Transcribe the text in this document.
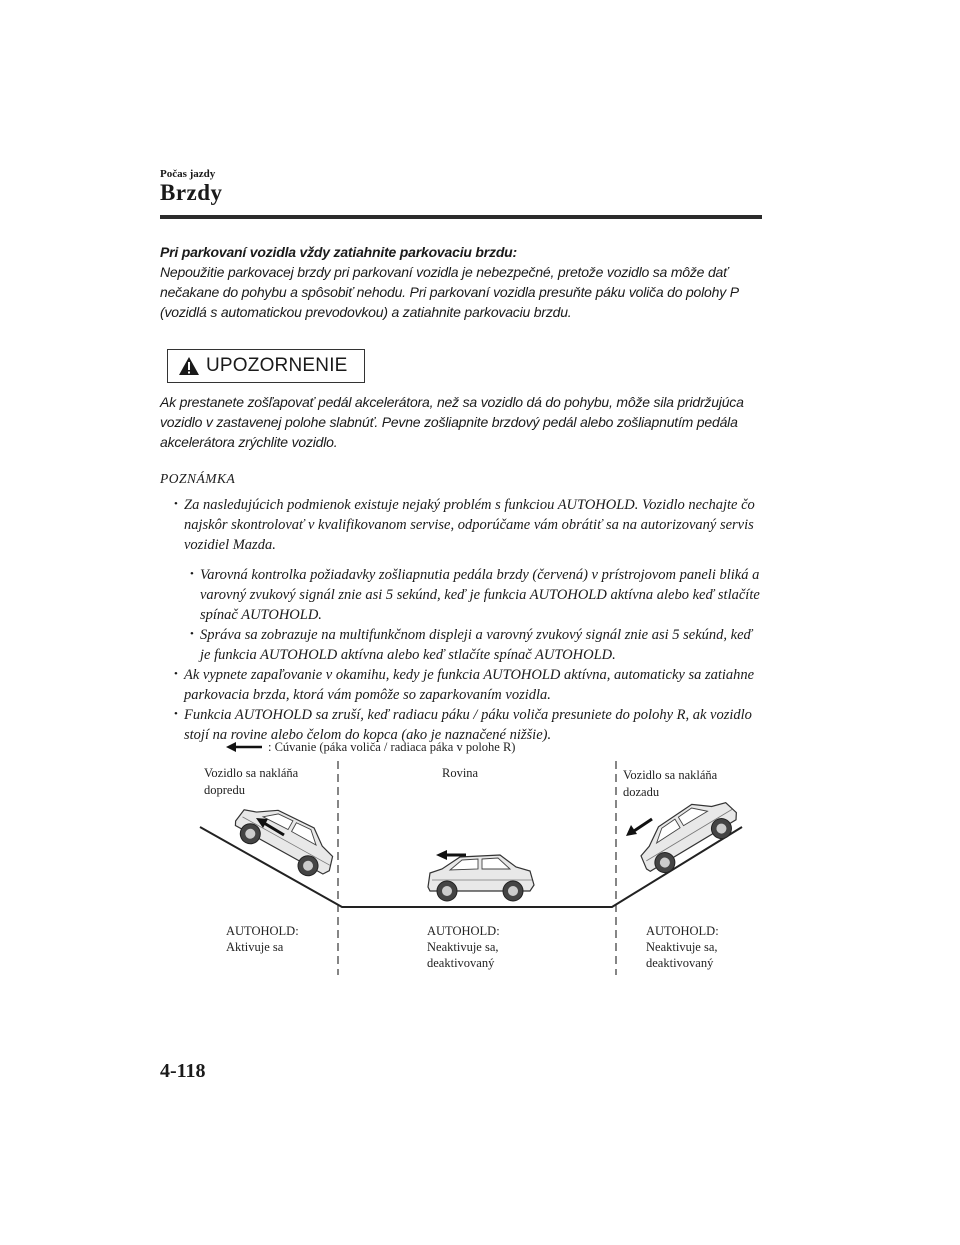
Počas jazdy
Brzdy
Pri parkovaní vozidla vždy zatiahnite parkovaciu brzdu:
Nepoužitie parkovacej brzdy pri parkovaní vozidla je nebezpečné, pretože vozidlo sa môže dať nečakane do pohybu a spôsobiť nehodu. Pri parkovaní vozidla presuňte páku voliča do polohy P (vozidlá s automatickou prevodovkou) a zatiahnite parkovaciu brzdu.
UPOZORNENIE
Ak prestanete zošľapovať pedál akcelerátora, než sa vozidlo dá do pohybu, môže sila pridržujúca vozidlo v zastavenej polohe slabnúť. Pevne zošliapnite brzdový pedál alebo zošliapnutím pedála akcelerátora zrýchlite vozidlo.
POZNÁMKA
• Za nasledujúcich podmienok existuje nejaký problém s funkciou AUTOHOLD. Vozidlo nechajte čo najskôr skontrolovať v kvalifikovanom servise, odporúčame vám obrátiť sa na autorizovaný servis vozidiel Mazda.
• Varovná kontrolka požiadavky zošliapnutia pedála brzdy (červená) v prístrojovom paneli bliká a varovný zvukový signál znie asi 5 sekúnd, keď je funkcia AUTOHOLD aktívna alebo keď stlačíte spínač AUTOHOLD.
• Správa sa zobrazuje na multifunkčnom displeji a varovný zvukový signál znie asi 5 sekúnd, keď je funkcia AUTOHOLD aktívna alebo keď stlačíte spínač AUTOHOLD.
• Ak vypnete zapaľovanie v okamihu, kedy je funkcia AUTOHOLD aktívna, automaticky sa zatiahne parkovacia brzda, ktorá vám pomôže so zaparkovaním vozidla.
• Funkcia AUTOHOLD sa zruší, keď radiacu páku / páku voliča presuniete do polohy R, ak vozidlo stojí na rovine alebo čelom do kopca (ako je naznačené nižšie).
: Cúvanie (páka voliča / radiaca páka v polohe R)
Vozidlo sa nakláňa
dopredu
Rovina	Vozidlo sa nakláňa
dozadu
AUTOHOLD:
Aktivuje sa
AUTOHOLD:
Neaktivuje sa,
deaktivovaný
AUTOHOLD:
Neaktivuje sa,
deaktivovaný
4-118
